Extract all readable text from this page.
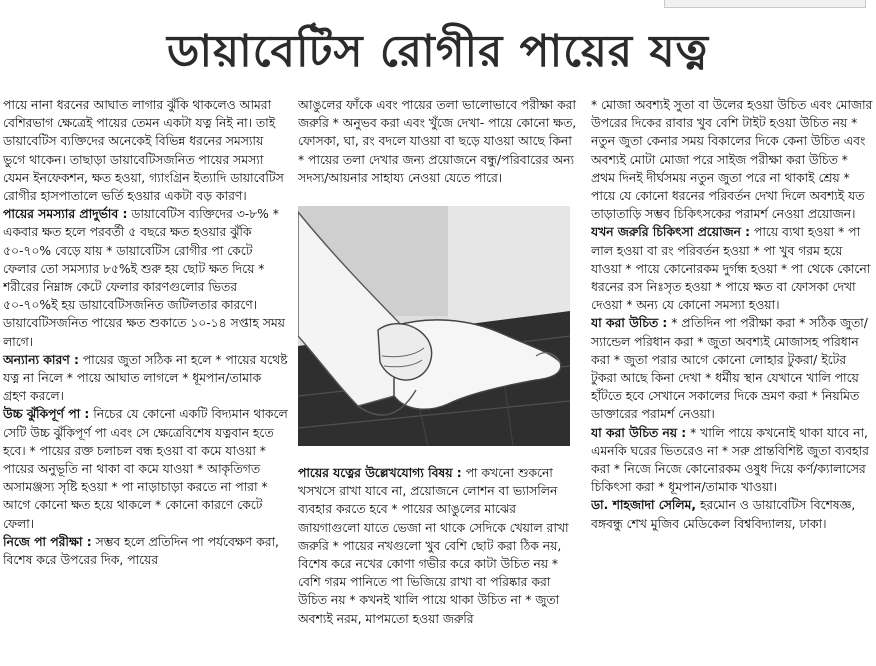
ডায়াবেটিস রোগীর পায়ের যত্ন

পায়ে নানা ধরনের আঘাত লাগার ঝুঁকি থাকলেও আমরা বেশিরভাগ ক্ষেত্রেই পায়ের তেমন একটা যত্ন নিই না। তাই ডায়াবেটিস ব্যক্তিদের অনেকেই বিভিন্ন ধরনের সমস্যায় ভুগে থাকেন। তাছাড়া ডায়াবেটিসজনিত পায়ের সমস্যা যেমন ইনফেকশন, ক্ষত হওয়া, গ্যাংগ্রিন ইত্যাদি ডায়াবেটিস রোগীর হাসপাতালে ভর্তি হওয়ার একটা বড় কারণ।

পায়ের সমস্যার প্রাদুর্ভাব : ডায়াবেটিস ব্যক্তিদের ৩-৮% * একবার ক্ষত হলে পরবর্তী ৫ বছরে ক্ষত হওয়ার ঝুঁকি ৫০-৭০% বেড়ে যায় * ডায়াবেটিস রোগীর পা কেটে ফেলার তো সমস্যার ৮৫%ই শুরু হয় ছোট ক্ষত দিয়ে * শরীরের নিম্নাঙ্গ কেটে ফেলার কারণগুলোর ভিতর ৫০-৭০%ই হয় ডায়াবেটিসজনিত জটিলতার কারণে। ডায়াবেটিসজনিত পায়ের ক্ষত শুকাতে ১০-১৪ সপ্তাহ সময় লাগে।

অন্যান্য কারণ : পায়ের জুতা সঠিক না হলে * পায়ের যথেষ্ট যত্ন না নিলে * পায়ে আঘাত লাগলে * ধূমপান/তামাক গ্রহণ করলে।

উচ্চ ঝুঁকিপূর্ণ পা : নিচের যে কোনো একটি বিদ্যমান থাকলে সেটি উচ্চ ঝুঁকিপূর্ণ পা এবং সে ক্ষেত্রেবিশেষ যত্নবান হতে হবে। * পায়ের রক্ত চলাচল বন্ধ হওয়া বা কমে যাওয়া * পায়ের অনুভূতি না থাকা বা কমে যাওয়া * আকৃতিগত অসামঞ্জস্য সৃষ্টি হওয়া * পা নাড়াচাড়া করতে না পারা * আগে কোনো ক্ষত হয়ে থাকলে * কোনো কারণে কেটে ফেলা।

নিজে পা পরীক্ষা : সম্ভব হলে প্রতিদিন পা পর্যবেক্ষণ করা, বিশেষ করে উপরের দিক, পায়ের

আঙুলের ফাঁকে এবং পায়ের তলা ভালোভাবে পরীক্ষা করা জরুরি * অনুভব করা এবং খুঁজে দেখা- পায়ে কোনো ক্ষত, ফোসকা, ঘা, রং বদলে যাওয়া বা ছড়ে যাওয়া আছে কিনা * পায়ের তলা দেখার জন্য প্রয়োজনে বন্ধু/পরিবারের অন্য সদস্য/আয়নার সাহায্য নেওয়া যেতে পারে।

পায়ের যত্নের উল্লেখযোগ্য বিষয় : পা কখনো শুকনো খসখসে রাখা যাবে না, প্রয়োজনে লোশন বা ভ্যাসলিন ব্যবহার করতে হবে * পায়ের আঙুলের মাঝের জায়গাগুলো যাতে ভেজা না থাকে সেদিকে খেয়াল রাখা জরুরি * পায়ের নখগুলো খুব বেশি ছোট করা ঠিক নয়, বিশেষ করে নখের কোণা গভীর করে কাটা উচিত নয় * বেশি গরম পানিতে পা ভিজিয়ে রাখা বা পরিষ্কার করা উচিত নয় * কখনই খালি পায়ে থাকা উচিত না * জুতা অবশ্যই নরম, মাপমতো হওয়া জরুরি

* মোজা অবশ্যই সুতা বা উলের হওয়া উচিত এবং মোজার উপরের দিকের রাবার খুব বেশি টাইট হওয়া উচিত নয় * নতুন জুতা কেনার সময় বিকালের দিকে কেনা উচিত এবং অবশ্যই মোটা মোজা পরে সাইজ পরীক্ষা করা উচিত * প্রথম দিনই দীর্ঘসময় নতুন জুতা পরে না থাকাই শ্রেয় * পায়ে যে কোনো ধরনের পরিবর্তন দেখা দিলে অবশ্যই যত তাড়াতাড়ি সম্ভব চিকিৎসকের পরামর্শ নেওয়া প্রয়োজন।

যখন জরুরি চিকিৎসা প্রয়োজন : পায়ে ব্যথা হওয়া * পা লাল হওয়া বা রং পরিবর্তন হওয়া * পা খুব গরম হয়ে যাওয়া * পায়ে কোনোরকম দুর্গন্ধ হওয়া * পা থেকে কোনো ধরনের রস নিঃসৃত হওয়া * পায়ে ক্ষত বা ফোসকা দেখা দেওয়া * অন্য যে কোনো সমস্যা হওয়া।

যা করা উচিত : * প্রতিদিন পা পরীক্ষা করা * সঠিক জুতা/স্যান্ডেল পরিধান করা * জুতা অবশ্যই মোজাসহ পরিধান করা * জুতা পরার আগে কোনো লোহার টুকরা/ ইটের টুকরা আছে কিনা দেখা * ধর্মীয় স্থান যেখানে খালি পায়ে হাঁটতে হবে সেখানে সকালের দিকে ভ্রমণ করা * নিয়মিত ডাক্তারের পরামর্শ নেওয়া।

যা করা উচিত নয় : * খালি পায়ে কখনোই থাকা যাবে না, এমনকি ঘরের ভিতরেও না * সরু প্রান্তবিশিষ্ট জুতা ব্যবহার করা * নিজে নিজে কোনোরকম ওষুধ দিয়ে কর্ণ/ক্যালাসের চিকিৎসা করা * ধূমপান/তামাক খাওয়া।

ডা. শাহজাদা সেলিম, হরমোন ও ডায়াবেটিস বিশেষজ্ঞ, বঙ্গবন্ধু শেখ মুজিব মেডিকেল বিশ্ববিদ্যালয়, ঢাকা।
